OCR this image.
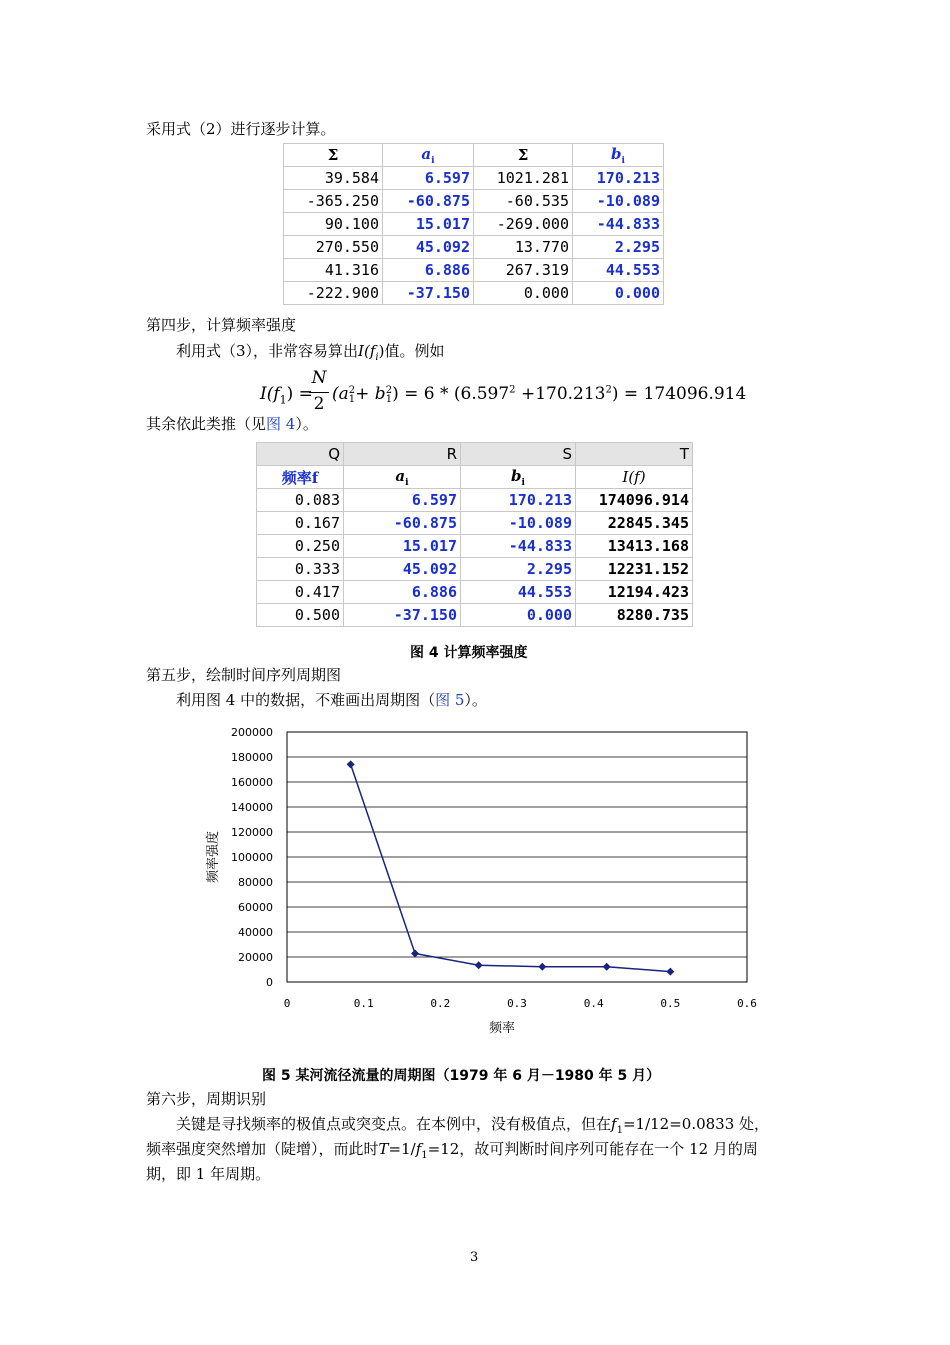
采用式（2）进行逐步计算。

Σ	$a_i$	Σ	$b_i$
39.584	6.597	1021.281	170.213
-365.250	-60.875	-60.535	-10.089
90.100	15.017	-269.000	-44.833
270.550	45.092	13.770	2.295
41.316	6.886	267.319	44.553
-222.900	-37.150	0.000	0.000

第四步，计算频率强度

利用式（3），非常容易算出$I(f_i)$值。例如

$I(f_1)$ =
N
2 (a2
1+ b2
$1) = 6 * (6.597^2 +170.213^2) = 174096.914$

其余依此类推（见图 4）。

Q	R	S	T
频率f	$a_i$	$b_i$	I(f)
0.083	6.597	170.213	174096.914
0.167	-60.875	-10.089	22845.345
0.250	15.017	-44.833	13413.168
0.333	45.092	2.295	12231.152
0.417	6.886	44.553	12194.423
0.500	-37.150	0.000	8280.735
图 4 计算频率强度

第五步，绘制时间序列周期图

利用图 4 中的数据，不难画出周期图（图 5）。

0
20000
40000
60000
80000
100000
120000
140000
160000
180000
200000
0	0.1	0.2	0.3	0.4	0.5	0.6
频率
频率强度
图 5 某河流径流量的周期图（1979 年 6 月－1980 年 5 月）

第六步，周期识别

关键是寻找频率的极值点或突变点。在本例中，没有极值点，但在$f_1=1/12=0.0833$ 处，

频率强度突然增加（陡增），而此时$T=1/f_1=12$，故可判断时间序列可能存在一个 12 月的周

期，即 1 年周期。

3
